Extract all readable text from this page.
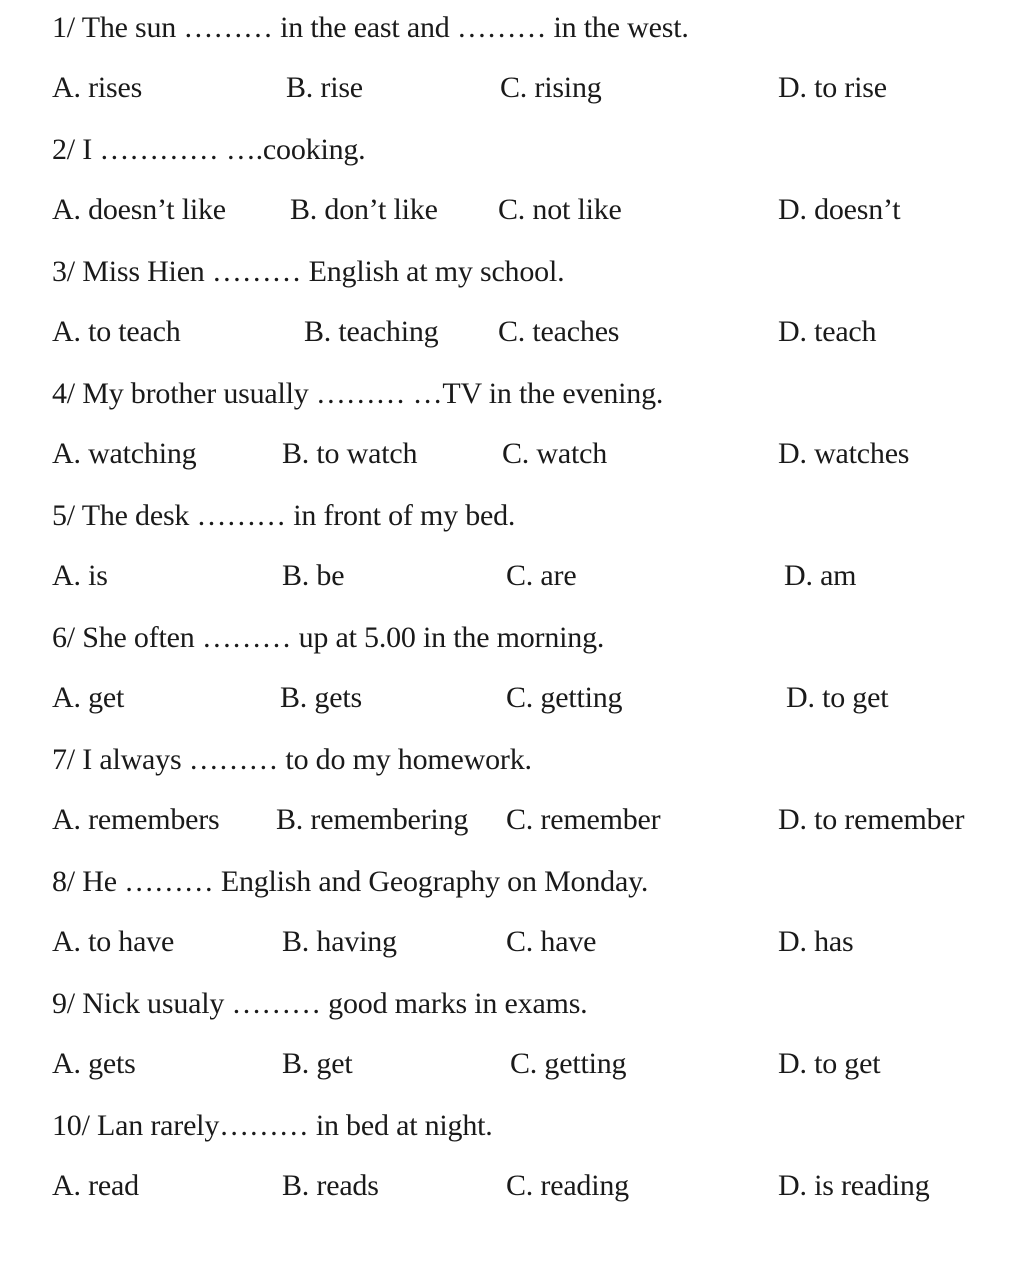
1/ The sun ……… in the east and ……… in the west.
A. rises	B. rise	C. rising	D. to rise
2/ I ………… ….cooking.
A. doesn’t like B. don’t like C. not like	D. doesn’t
3/ Miss Hien ……… English at my school.
A. to teach	B. teaching C. teaches	D. teach
4/ My brother usually ……… …TV in the evening.
A. watching	B. to watch	C. watch	D. watches
5/ The desk ……… in front of my bed.
A. is	B. be	C. are	D. am
6/ She often ……… up at 5.00 in the morning.
A. get	B. gets	C. getting	D. to get
7/ I always ……… to do my homework.
A. remembers B. remembering C. remember	D. to remember
8/ He ……… English and Geography on Monday.
A. to have	B. having	C. have	D. has
9/ Nick usualy ……… good marks in exams.
A. gets	B. get	C. getting	D. to get
10/ Lan rarely……… in bed at night.
A. read	B. reads	C. reading	D. is reading
